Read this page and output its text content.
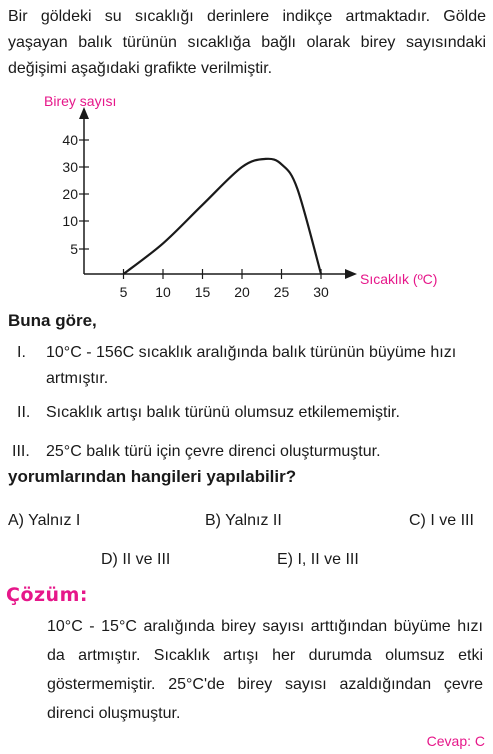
Bir göldeki su sıcaklığı derinlere indikçe artmaktadır. Gölde yaşayan balık türünün sıcaklığa bağlı olarak birey sayısındaki değişimi aşağıdaki grafikte verilmiştir.
5 10 15 20 25 30
5
10
20
30
40
Birey sayısı
Sıcaklık (ºC)
Buna göre,
I.	10°C - 156C sıcaklık aralığında balık türünün büyüme hızı artmıştır.
II. Sıcaklık artışı balık türünü olumsuz etkilememiştir.
III.	25°C balık türü için çevre direnci oluşturmuştur.
yorumlarından hangileri yapılabilir?
A) Yalnız I	B) Yalnız II	C) I ve III
D) II ve III	E) I, II ve III
Çözüm:
10°C - 15°C aralığında birey sayısı arttığından büyüme hızı da artmıştır. Sıcaklık artışı her durumda olumsuz etki göstermemiştir. 25°C'de birey sayısı azaldığından çevre direnci oluşmuştur.
Cevap: C
